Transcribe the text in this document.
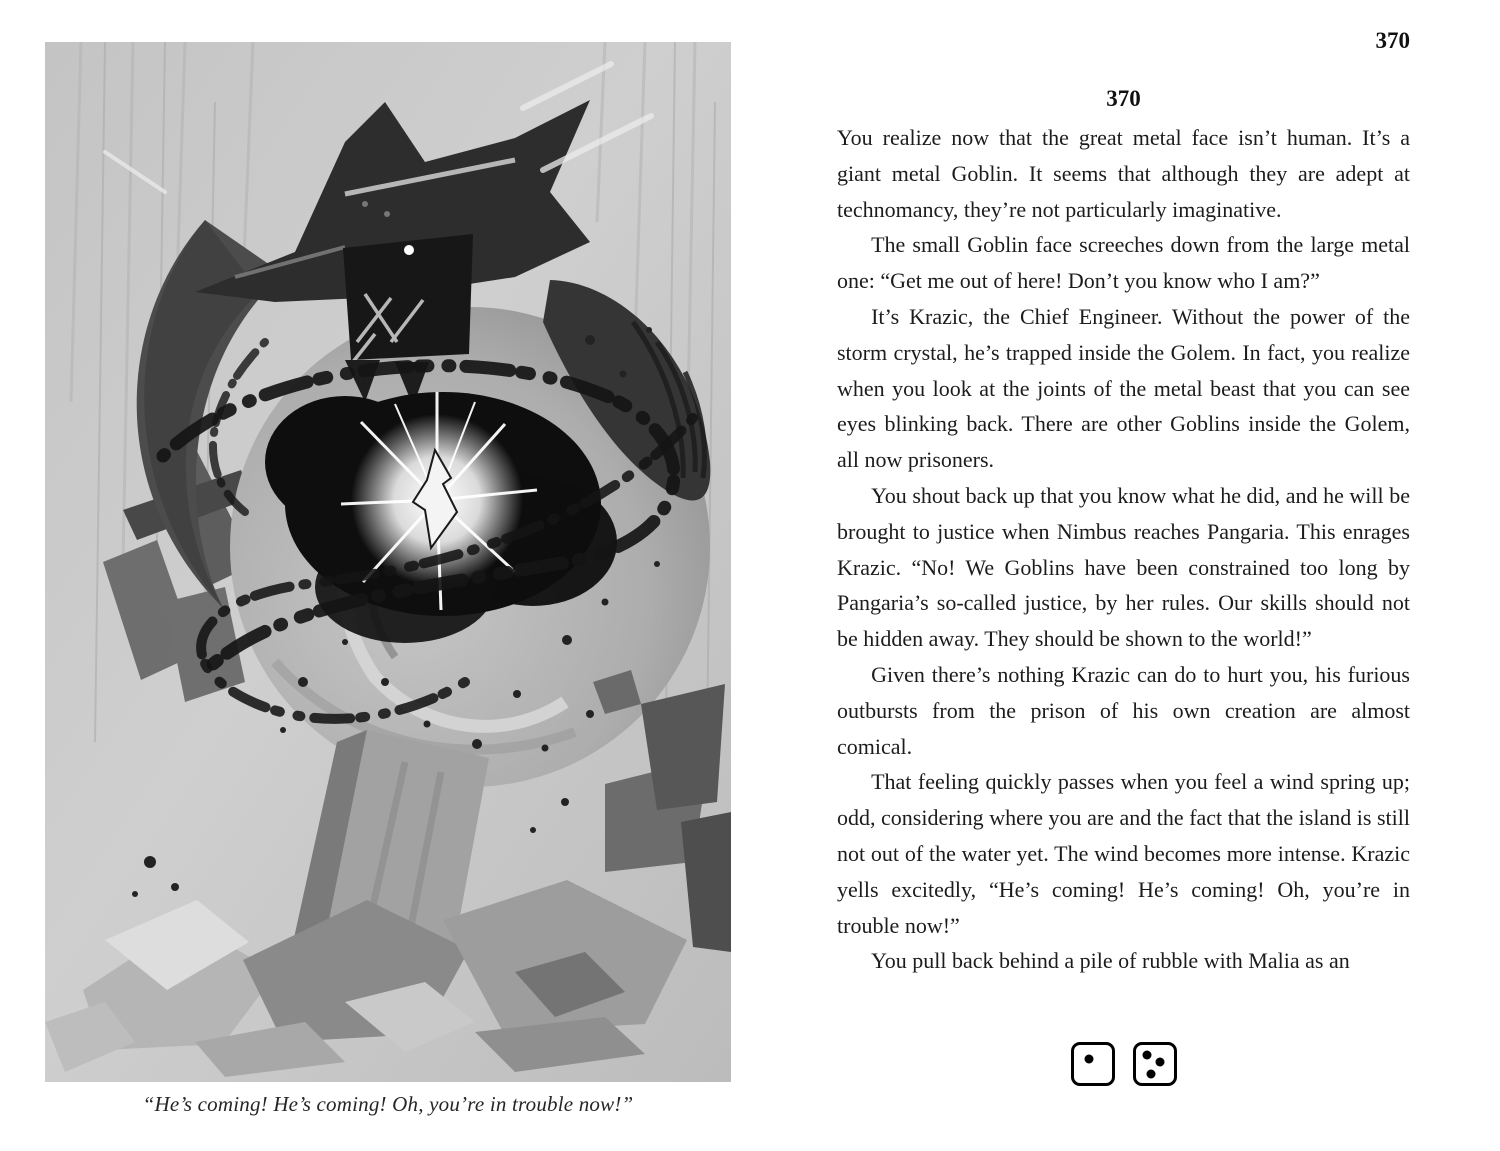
“He’s coming! He’s coming! Oh, you’re in trouble now!”
370
370

You realize now that the great metal face isn’t human. It’s a giant metal Goblin. It seems that although they are adept at technomancy, they’re not particularly imaginative.

The small Goblin face screeches down from the large metal one: “Get me out of here! Don’t you know who I am?”

It’s Krazic, the Chief Engineer. Without the power of the storm crystal, he’s trapped inside the Golem. In fact, you realize when you look at the joints of the metal beast that you can see eyes blinking back. There are other Goblins inside the Golem, all now prisoners.

You shout back up that you know what he did, and he will be brought to justice when Nimbus reaches Pangaria. This enrages Krazic. “No! We Goblins have been constrained too long by Pangaria’s so-called justice, by her rules. Our skills should not be hidden away. They should be shown to the world!”

Given there’s nothing Krazic can do to hurt you, his furious outbursts from the prison of his own creation are almost comical.

That feeling quickly passes when you feel a wind spring up; odd, considering where you are and the fact that the island is still not out of the water yet. The wind becomes more intense. Krazic yells excitedly, “He’s coming! He’s coming! Oh, you’re in trouble now!”

You pull back behind a pile of rubble with Malia as an
